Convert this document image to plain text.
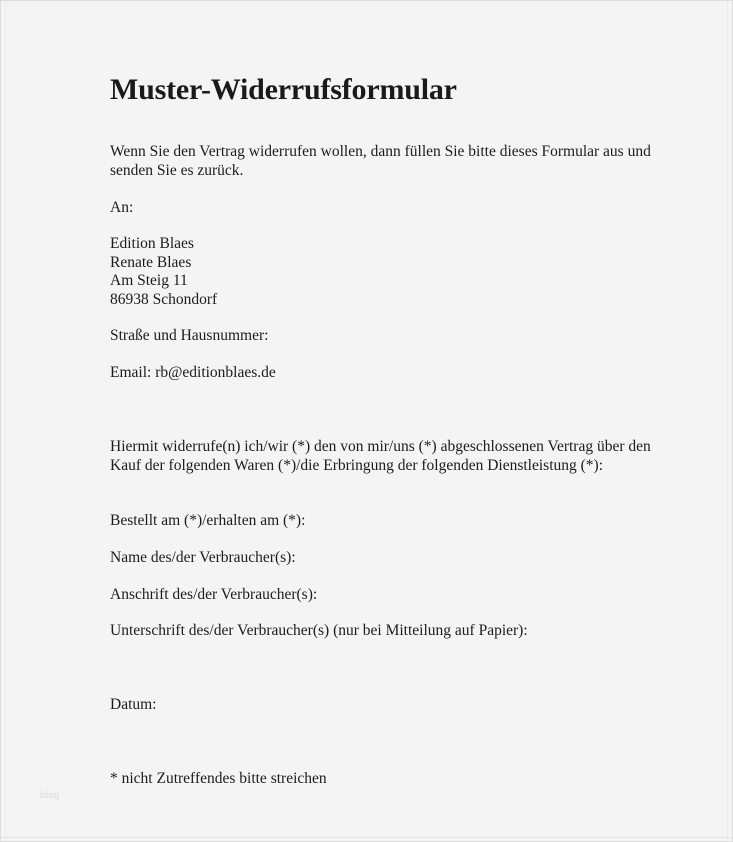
Muster-Widerrufsformular

Wenn Sie den Vertrag widerrufen wollen, dann füllen Sie bitte dieses Formular aus und

senden Sie es zurück.

An:

Edition Blaes

Renate Blaes

Am Steig 11

86938 Schondorf

Straße und Hausnummer:

Email: rb@editionblaes.de

Hiermit widerrufe(n) ich/wir (*) den von mir/uns (*) abgeschlossenen Vertrag über den

Kauf der folgenden Waren (*)/die Erbringung der folgenden Dienstleistung (*):

Bestellt am (*)/erhalten am (*):

Name des/der Verbraucher(s):

Anschrift des/der Verbraucher(s):

Unterschrift des/der Verbraucher(s) (nur bei Mitteilung auf Papier):

Datum:

* nicht Zutreffendes bitte streichen

blog
